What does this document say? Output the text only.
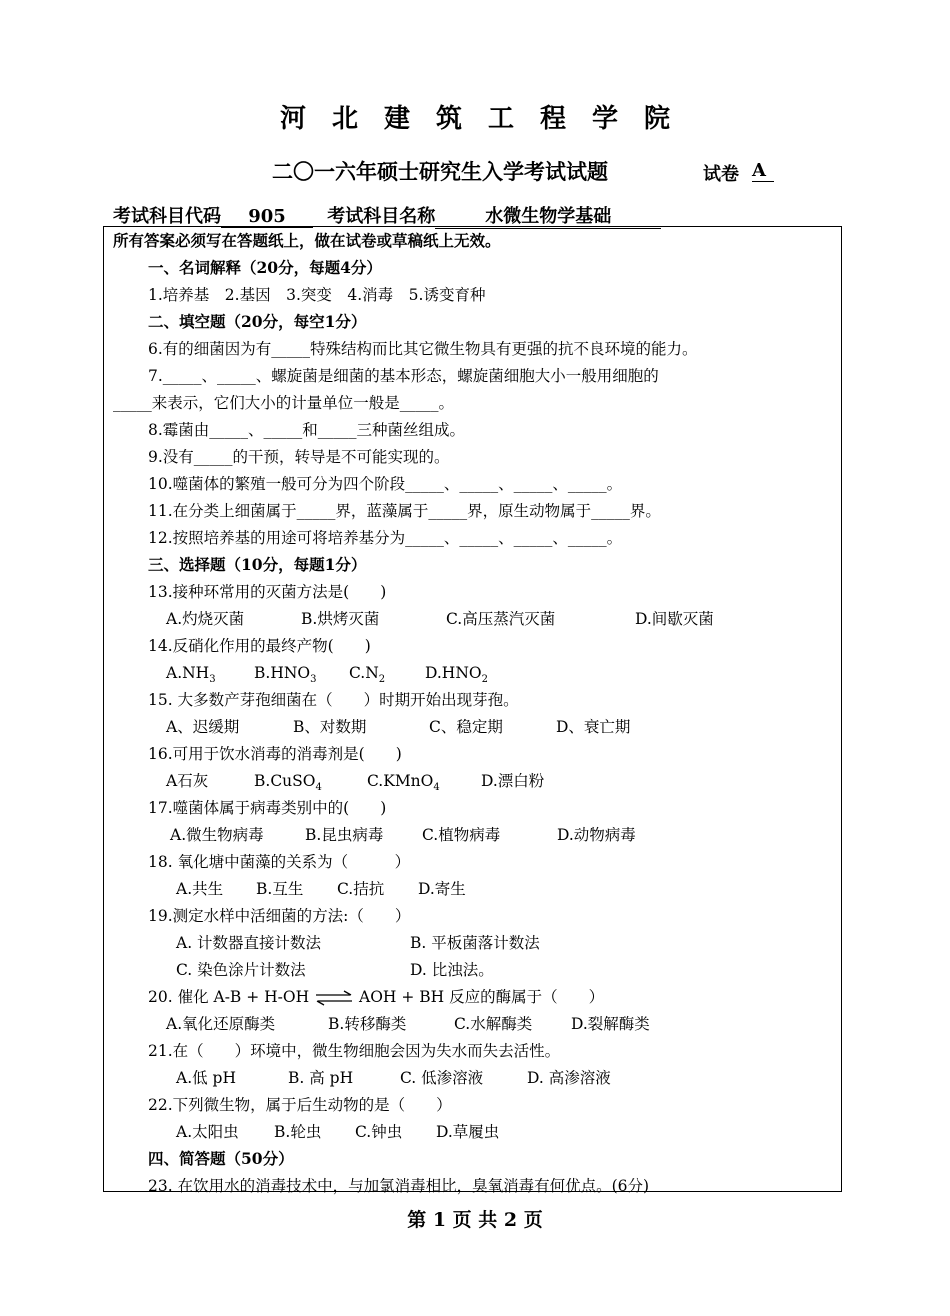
河北建筑工程学院
二〇一六年硕士研究生入学考试试题	试卷 A
考试科目代码 905 考试科目名称	水微生物学基础
所有答案必须写在答题纸上，做在试卷或草稿纸上无效。
一、名词解释（20分，每题4分）
1.培养基　2.基因　3.突变　4.消毒　5.诱变育种
二、填空题（20分，每空1分）
6.有的细菌因为有_____特殊结构而比其它微生物具有更强的抗不良环境的能力。
7._____、_____、螺旋菌是细菌的基本形态，螺旋菌细胞大小一般用细胞的
_____来表示，它们大小的计量单位一般是_____。
8.霉菌由_____、_____和_____三种菌丝组成。
9.没有_____的干预，转导是不可能实现的。
10.噬菌体的繁殖一般可分为四个阶段_____、_____、_____、_____。
11.在分类上细菌属于_____界，蓝藻属于_____界，原生动物属于_____界。
12.按照培养基的用途可将培养基分为_____、_____、_____、_____。
三、选择题（10分，每题1分）
13.接种环常用的灭菌方法是(　　)
A.灼烧灭菌	B.烘烤灭菌	C.高压蒸汽灭菌	D.间歇灭菌
14.反硝化作用的最终产物(　　)
$A.NH_3$ $B.HNO_3$ $C.N_2$	$D.HNO_2$
15. 大多数产芽孢细菌在（　　）时期开始出现芽孢。
A、迟缓期	B、对数期	C、稳定期	D、衰亡期
16.可用于饮水消毒的消毒剂是(　　)
A石灰	B.CuSO$_4$	C.KMnO$_4$	D.漂白粉
17.噬菌体属于病毒类别中的(　　)
A.微生物病毒	B.昆虫病毒 C.植物病毒	D.动物病毒
18. 氧化塘中菌藻的关系为（　　　）
A.共生 B.互生 C.拮抗 D.寄生
19.测定水样中活细菌的方法:（　　）
A. 计数器直接计数法	B. 平板菌落计数法
C. 染色涂片计数法	D. 比浊法。
20. 催化 A-B + H-OH ⇌ AOH + BH 反应的酶属于（　　）
A.氧化还原酶类	B.转移酶类	C.水解酶类	D.裂解酶类
21.在（　　）环境中，微生物细胞会因为失水而失去活性。
A.低 pH	B. 高 pH	C. 低渗溶液	D. 高渗溶液
22.下列微生物，属于后生动物的是（　　）
A.太阳虫 B.轮虫 C.钟虫 D.草履虫
四、简答题（50分）
23. 在饮用水的消毒技术中，与加氯消毒相比，臭氧消毒有何优点。(6分)
第 1 页 共 2 页
